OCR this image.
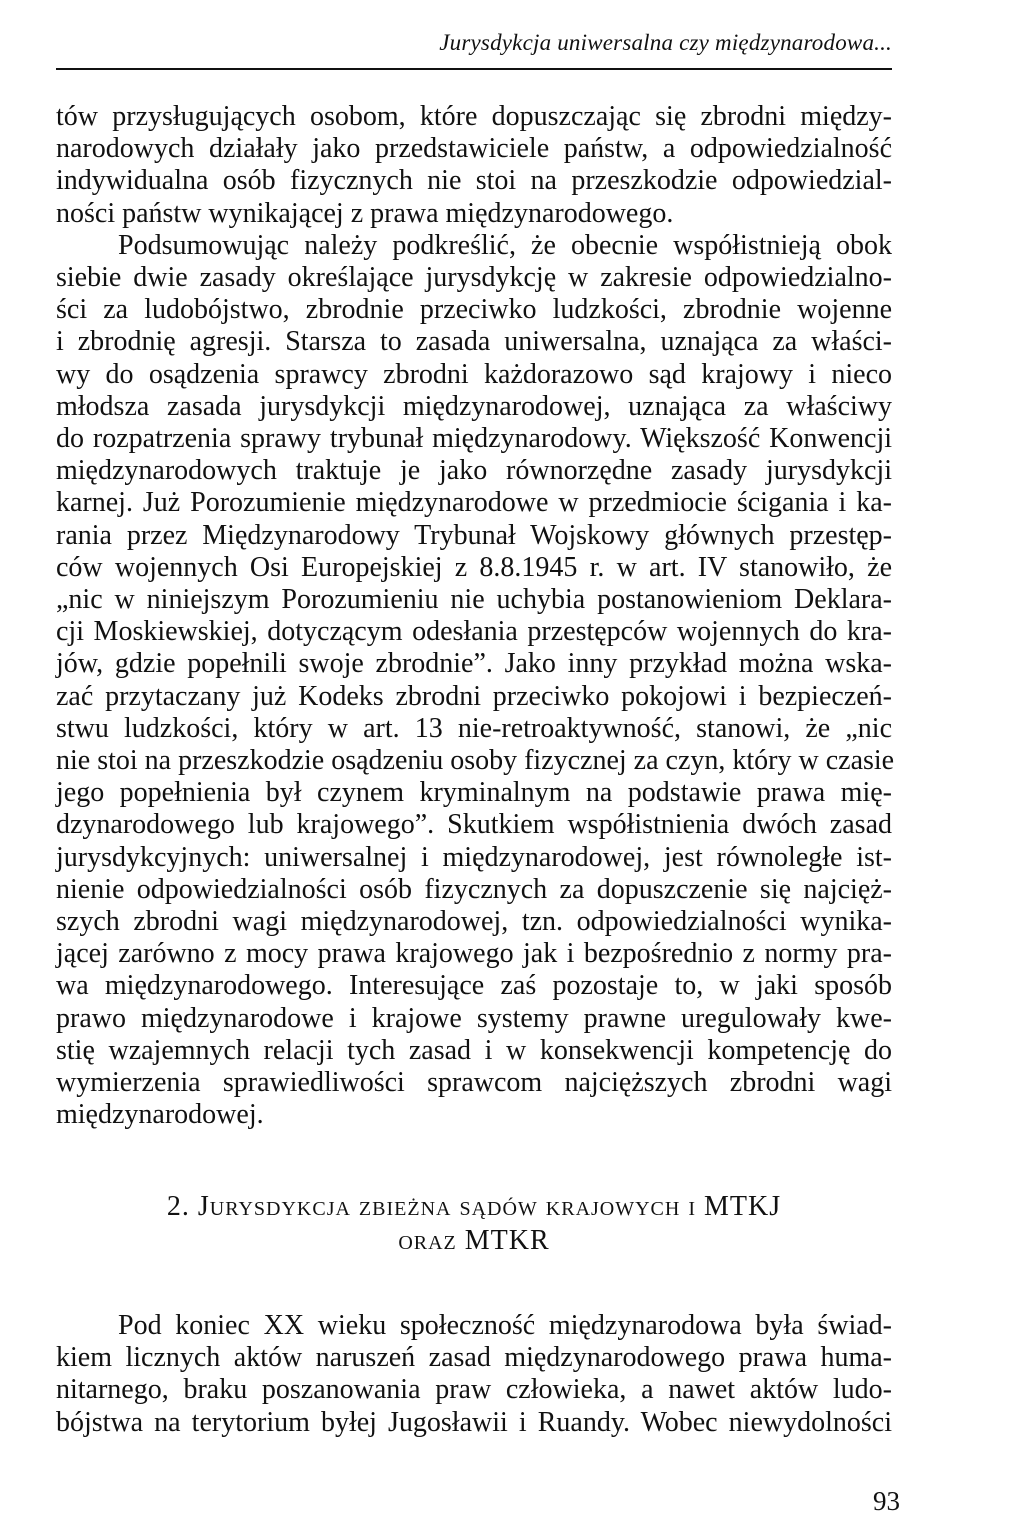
Jurysdykcja uniwersalna czy międzynarodowa...
tów przysługujących osobom, które dopuszczając się zbrodni między-
narodowych działały jako przedstawiciele państw, a odpowiedzialność
indywidualna osób fizycznych nie stoi na przeszkodzie odpowiedzial-
ności państw wynikającej z prawa międzynarodowego.
Podsumowując należy podkreślić, że obecnie współistnieją obok
siebie dwie zasady określające jurysdykcję w zakresie odpowiedzialno-
ści za ludobójstwo, zbrodnie przeciwko ludzkości, zbrodnie wojenne
i zbrodnię agresji. Starsza to zasada uniwersalna, uznająca za właści-
wy do osądzenia sprawcy zbrodni każdorazowo sąd krajowy i nieco
młodsza zasada jurysdykcji międzynarodowej, uznająca za właściwy
do rozpatrzenia sprawy trybunał międzynarodowy. Większość Konwencji
międzynarodowych traktuje je jako równorzędne zasady jurysdykcji
karnej. Już Porozumienie międzynarodowe w przedmiocie ścigania i ka-
rania przez Międzynarodowy Trybunał Wojskowy głównych przestęp-
ców wojennych Osi Europejskiej z 8.8.1945 r. w art. IV stanowiło, że
„nic w niniejszym Porozumieniu nie uchybia postanowieniom Deklara-
cji Moskiewskiej, dotyczącym odesłania przestępców wojennych do kra-
jów, gdzie popełnili swoje zbrodnie”. Jako inny przykład można wska-
zać przytaczany już Kodeks zbrodni przeciwko pokojowi i bezpieczeń-
stwu ludzkości, który w art. 13 nie-retroaktywność, stanowi, że „nic
nie stoi na przeszkodzie osądzeniu osoby fizycznej za czyn, który w czasie
jego popełnienia był czynem kryminalnym na podstawie prawa mię-
dzynarodowego lub krajowego”. Skutkiem współistnienia dwóch zasad
jurysdykcyjnych: uniwersalnej i międzynarodowej, jest równoległe ist-
nienie odpowiedzialności osób fizycznych za dopuszczenie się najcięż-
szych zbrodni wagi międzynarodowej, tzn. odpowiedzialności wynika-
jącej zarówno z mocy prawa krajowego jak i bezpośrednio z normy pra-
wa międzynarodowego. Interesujące zaś pozostaje to, w jaki sposób
prawo międzynarodowe i krajowe systemy prawne uregulowały kwe-
stię wzajemnych relacji tych zasad i w konsekwencji kompetencję do
wymierzenia sprawiedliwości sprawcom najcięższych zbrodni wagi
międzynarodowej.
2. Jurysdykcja zbieżna sądów krajowych i MTKJ
oraz MTKR
Pod koniec XX wieku społeczność międzynarodowa była świad-
kiem licznych aktów naruszeń zasad międzynarodowego prawa huma-
nitarnego, braku poszanowania praw człowieka, a nawet aktów ludo-
bójstwa na terytorium byłej Jugosławii i Ruandy. Wobec niewydolności
93
